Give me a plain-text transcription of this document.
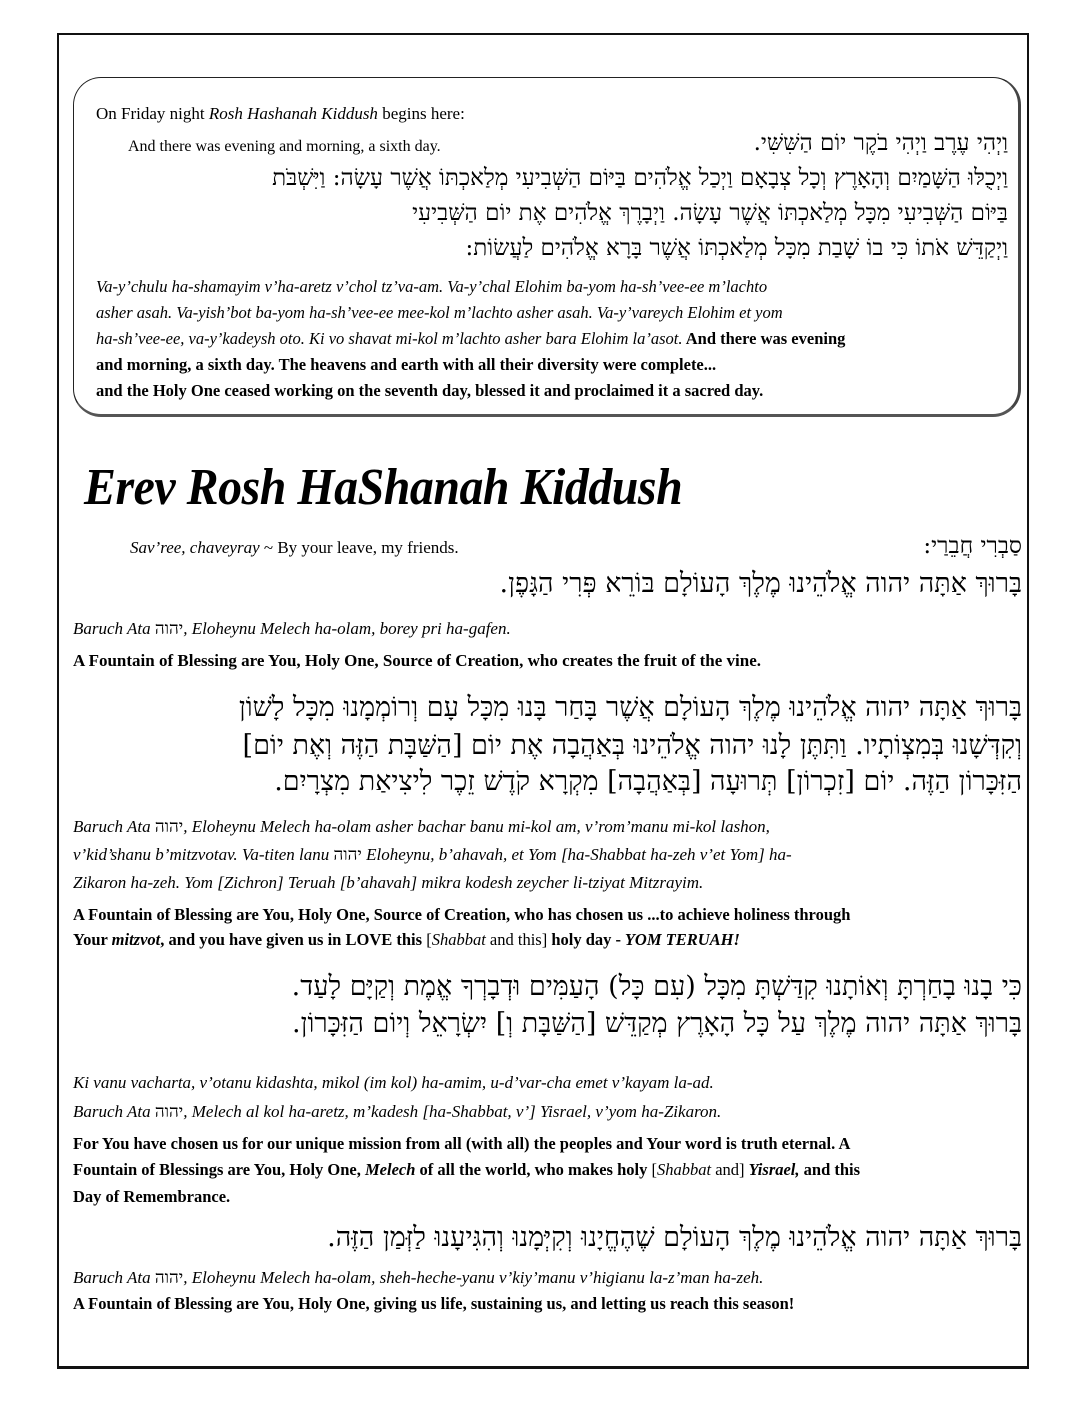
On Friday night Rosh Hashanah Kiddush begins here:
And there was evening and morning, a sixth day.	וַיְהִי עֶרֶב וַיְהִי בֹקֶר יוֹם הַשִּׁשִּׁי.
וַיְכֻלּוּ הַשָּׁמַיִם וְהָאָרֶץ וְכָל צְבָאָם וַיְכַל אֱלֹהִים בַּיּוֹם הַשְּׁבִיעִי מְלַאכְתּוֹ אֲשֶׁר עָשָׂה: וַיִּשְׁבֹּת
בַּיּוֹם הַשְּׁבִיעִי מִכָּל מְלַאכְתּוֹ אֲשֶׁר עָשָׂה. וַיְבָרֶךְ אֱלֹהִים אֶת יוֹם הַשְּׁבִיעִי
וַיְקַדֵּשׁ אֹתוֹ כִּי בוֹ שָׁבַת מִכָּל מְלַאכְתּוֹ אֲשֶׁר בָּרָא אֱלֹהִים לַעֲשׂוֹת:
Va-y’chulu ha-shamayim v’ha-aretz v’chol tz’va-am. Va-y’chal Elohim ba-yom ha-sh’vee-ee m’lachto
asher asah. Va-yish’bot ba-yom ha-sh’vee-ee mee-kol m’lachto asher asah. Va-y’vareych Elohim et yom
ha-sh’vee-ee, va-y’kadeysh oto. Ki vo shavat mi-kol m’lachto asher bara Elohim la’asot. And there was evening
and morning, a sixth day. The heavens and earth with all their diversity were complete...
and the Holy One ceased working on the seventh day, blessed it and proclaimed it a sacred day.
Erev Rosh HaShanah Kiddush
Sav’ree, chaveyray ~ By your leave, my friends.	סַבְרִי חֲבֵרַי:
בָּרוּךְ אַתָּה יהוה אֱלֹהֵינוּ מֶלֶךְ הָעוֹלָם בּוֹרֵא פְּרִי הַגָּפֶן.
Baruch Ata יהוה, Eloheynu Melech ha-olam, borey pri ha-gafen.
A Fountain of Blessing are You, Holy One, Source of Creation, who creates the fruit of the vine.
בָּרוּךְ אַתָּה יהוה אֱלֹהֵינוּ מֶלֶךְ הָעוֹלָם אֲשֶׁר בָּחַר בָּנוּ מִכָּל עָם וְרוֹמְמָנוּ מִכָּל לָשׁוֹן
וְקִדְּשָׁנוּ בְּמִצְוֹתָיו. וַתִּתֶּן לָנוּ יהוה אֱלֹהֵינוּ בְּאַהֲבָה אֶת יוֹם [הַשַּׁבָּת הַזֶּה וְאֶת יוֹם]
הַזִּכָּרוֹן הַזֶּה. יוֹם [זִכְרוֹן] תְּרוּעָה [בְּאַהֲבָה] מִקְרָא קֹדֶשׁ זֵכֶר לִיצִיאַת מִצְרָיִם.
Baruch Ata יהוה, Eloheynu Melech ha-olam asher bachar banu mi-kol am, v’rom’manu mi-kol lashon,
v’kid’shanu b’mitzvotav. Va-titen lanu יהוה Eloheynu, b’ahavah, et Yom [ha-Shabbat ha-zeh v’et Yom] ha-
Zikaron ha-zeh. Yom [Zichron] Teruah [b’ahavah] mikra kodesh zeycher li-tziyat Mitzrayim.
A Fountain of Blessing are You, Holy One, Source of Creation, who has chosen us ...to achieve holiness through
Your mitzvot, and you have given us in LOVE this [Shabbat and this] holy day - YOM TERUAH!
כִּי בָנוּ בָחַרְתָּ וְאוֹתָנוּ קִדַּשְׁתָּ מִכָּל (עִם כָּל) הָעַמִּים וּדְבָרְךָ אֱמֶת וְקַיָּם לָעַד.
בָּרוּךְ אַתָּה יהוה מֶלֶךְ עַל כָּל הָאָרֶץ מְקַדֵּשׁ [הַשַּׁבָּת וְ] יִשְׂרָאֵל וְיוֹם הַזִּכָּרוֹן.
Ki vanu vacharta, v’otanu kidashta, mikol (im kol) ha-amim, u-d’var-cha emet v’kayam la-ad.
Baruch Ata יהוה, Melech al kol ha-aretz, m’kadesh [ha-Shabbat, v’] Yisrael, v’yom ha-Zikaron.
For You have chosen us for our unique mission from all (with all) the peoples and Your word is truth eternal. A
Fountain of Blessings are You, Holy One, Melech of all the world, who makes holy [Shabbat and] Yisrael, and this
Day of Remembrance.
בָּרוּךְ אַתָּה יהוה אֱלֹהֵינוּ מֶלֶךְ הָעוֹלָם שֶׁהֶחֱיָנוּ וְקִיְּמָנוּ וְהִגִּיעָנוּ לַזְּמַן הַזֶּה.
Baruch Ata יהוה, Eloheynu Melech ha-olam, sheh-heche-yanu v’kiy’manu v’higianu la-z’man ha-zeh.
A Fountain of Blessing are You, Holy One, giving us life, sustaining us, and letting us reach this season!
